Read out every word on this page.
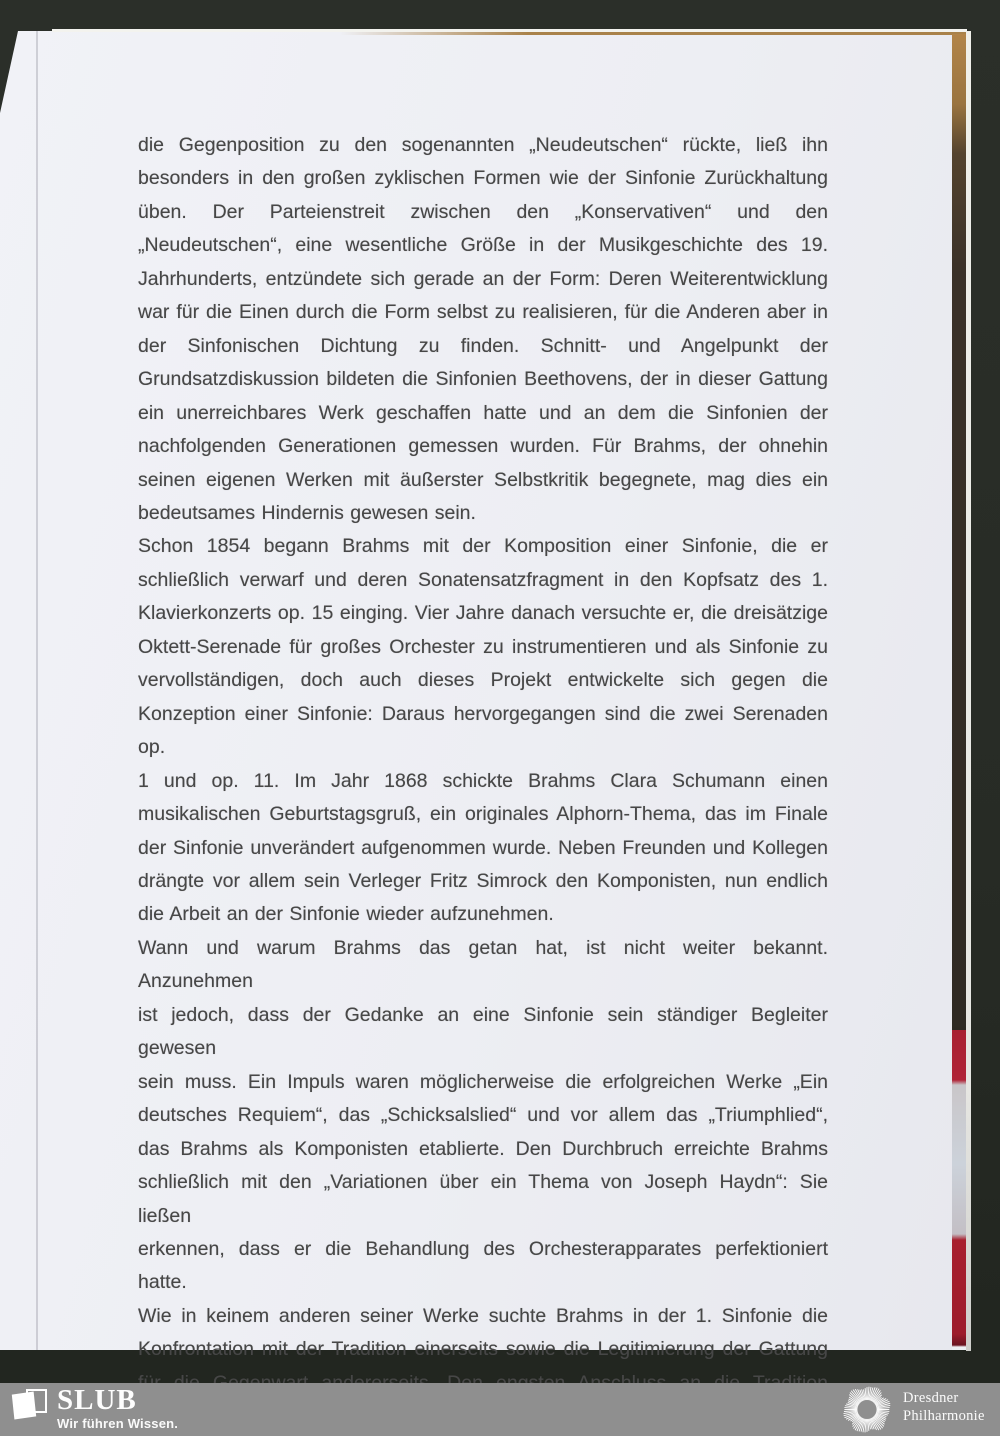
die Gegenposition zu den sogenannten „Neudeutschen“ rückte, ließ ihn
besonders in den großen zyklischen Formen wie der Sinfonie Zurückhaltung
üben. Der Parteienstreit zwischen den „Konservativen“ und den
„Neudeutschen“, eine wesentliche Größe in der Musikgeschichte des 19.
Jahrhunderts, entzündete sich gerade an der Form: Deren Weiterentwicklung
war für die Einen durch die Form selbst zu realisieren, für die Anderen aber in
der Sinfonischen Dichtung zu finden. Schnitt- und Angelpunkt der
Grundsatzdiskussion bildeten die Sinfonien Beethovens, der in dieser Gattung
ein unerreichbares Werk geschaffen hatte und an dem die Sinfonien der
nachfolgenden Generationen gemessen wurden. Für Brahms, der ohnehin
seinen eigenen Werken mit äußerster Selbstkritik begegnete, mag dies ein
bedeutsames Hindernis gewesen sein.
Schon 1854 begann Brahms mit der Komposition einer Sinfonie, die er
schließlich verwarf und deren Sonatensatzfragment in den Kopfsatz des 1.
Klavierkonzerts op. 15 einging. Vier Jahre danach versuchte er, die dreisätzige
Oktett-Serenade für großes Orchester zu instrumentieren und als Sinfonie zu
vervollständigen, doch auch dieses Projekt entwickelte sich gegen die
Konzeption einer Sinfonie: Daraus hervorgegangen sind die zwei Serenaden op.
1 und op. 11. Im Jahr 1868 schickte Brahms Clara Schumann einen
musikalischen Geburtstagsgruß, ein originales Alphorn-Thema, das im Finale
der Sinfonie unverändert aufgenommen wurde. Neben Freunden und Kollegen
drängte vor allem sein Verleger Fritz Simrock den Komponisten, nun endlich
die Arbeit an der Sinfonie wieder aufzunehmen.
Wann und warum Brahms das getan hat, ist nicht weiter bekannt. Anzunehmen
ist jedoch, dass der Gedanke an eine Sinfonie sein ständiger Begleiter gewesen
sein muss. Ein Impuls waren möglicherweise die erfolgreichen Werke „Ein
deutsches Requiem“, das „Schicksalslied“ und vor allem das „Triumphlied“,
das Brahms als Komponisten etablierte. Den Durchbruch erreichte Brahms
schließlich mit den „Variationen über ein Thema von Joseph Haydn“: Sie ließen
erkennen, dass er die Behandlung des Orchesterapparates perfektioniert hatte.
Wie in keinem anderen seiner Werke suchte Brahms in der 1. Sinfonie die
Konfrontation mit der Tradition einerseits sowie die Legitimierung der Gattung
SLUB
Wir führen Wissen.
Dresdner
Philharmonie
